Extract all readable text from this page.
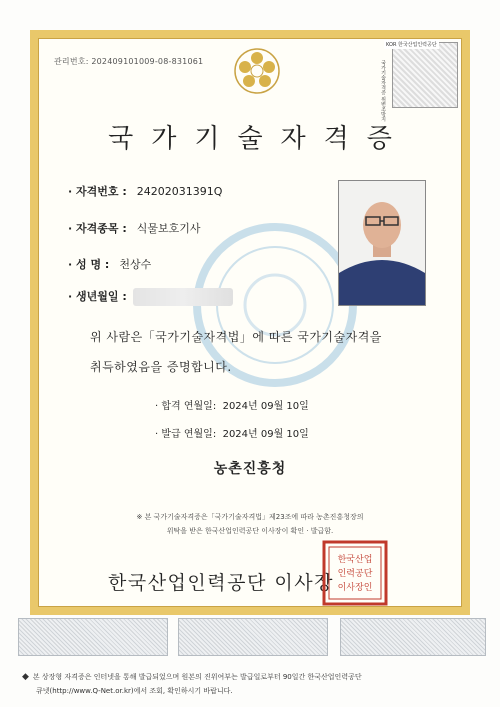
관리번호: 202409101009-08-831061
KOR 한국산업인력공단
국가기술자격증 위변조방지
국가기술자격증
· 자격번호 : 24202031391Q
· 자격종목 : 식물보호기사
· 성 명 : 천상수
· 생년월일 :
위 사람은「국가기술자격법」에 따른 국가기술자격을
취득하였음을 증명합니다.
· 합격 연월일: 2024년 09월 10일
· 발급 연월일: 2024년 09월 10일
농촌진흥청
※ 본 국가기술자격증은「국가기술자격법」제23조에 따라 농촌진흥청장의
위탁을 받은 한국산업인력공단 이사장이 확인 · 발급함.
한국산업인력공단 이사장
한국산업
인력공단
이사장인
◆ 본 상장형 자격증은 인터넷을 통해 발급되었으며 원본의 진위여부는 발급일로부터 90일간 한국산업인력공단
큐넷(http://www.Q-Net.or.kr)에서 조회, 확인하시기 바랍니다.
